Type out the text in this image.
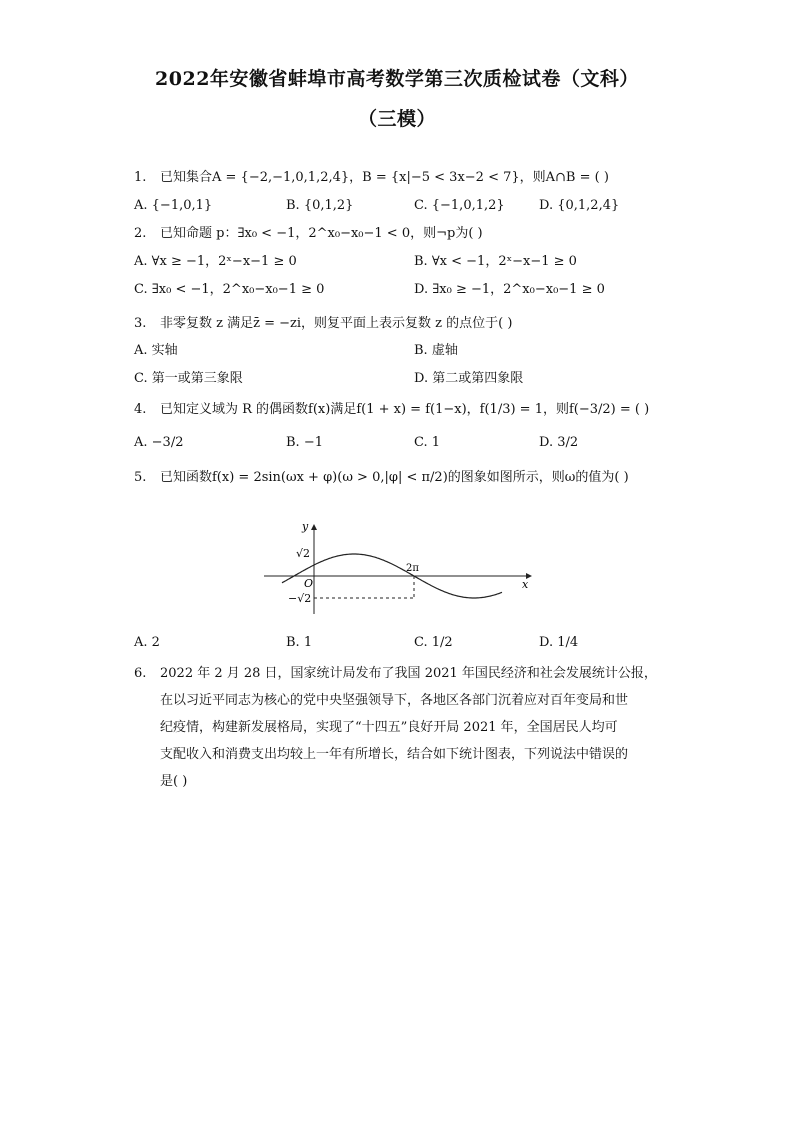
2022年安徽省蚌埠市高考数学第三次质检试卷（文科）
（三模）
1. 已知集合A = {−2,−1,0,1,2,4}，B = {x|−5 < 3x−2 < 7}，则A∩B = ( )
A. {−1,0,1}	B. {0,1,2}	C. {−1,0,1,2}	D. {0,1,2,4}
2. 已知命题 p：∃x₀ < −1，2^x₀−x₀−1 < 0，则¬p为( )
A. ∀x ≥ −1，2ˣ−x−1 ≥ 0	B. ∀x < −1，2ˣ−x−1 ≥ 0
C. ∃x₀ < −1，2^x₀−x₀−1 ≥ 0	D. ∃x₀ ≥ −1，2^x₀−x₀−1 ≥ 0
3. 非零复数 z 满足z̄ = −zi，则复平面上表示复数 z 的点位于( )
A. 实轴	B. 虚轴
C. 第一或第三象限	D. 第二或第四象限
4. 已知定义域为 R 的偶函数f(x)满足f(1 + x) = f(1−x)，f(1/3) = 1，则f(−3/2) = ( )
A. −3/2	B. −1	C. 1	D. 3/2
5. 已知函数f(x) = 2sin(ωx + φ)(ω > 0,|φ| < π/2)的图象如图所示，则ω的值为( )
y
x
O
√2
−√2
2π
A. 2	B. 1	C. 1/2	D. 1/4
6. 2022 年 2 月 28 日，国家统计局发布了我国 2021 年国民经济和社会发展统计公报，
在以习近平同志为核心的党中央坚强领导下，各地区各部门沉着应对百年变局和世
纪疫情，构建新发展格局，实现了“十四五”良好开局 2021 年，全国居民人均可
支配收入和消费支出均较上一年有所增长，结合如下统计图表，下列说法中错误的
是( )
